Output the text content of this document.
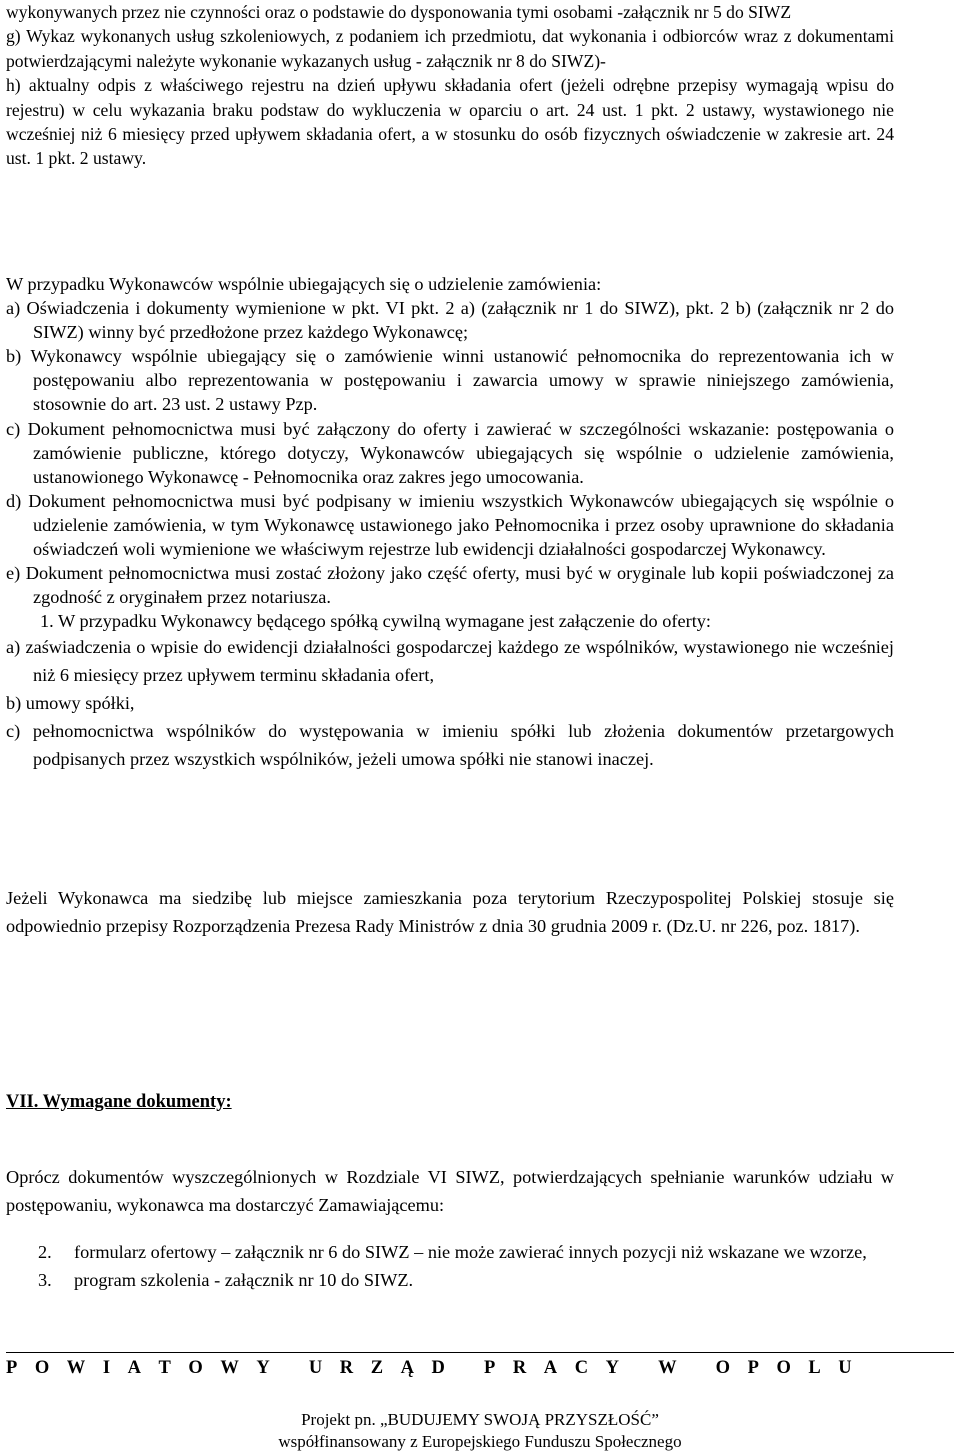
wykonywanych przez nie czynności oraz o podstawie do dysponowania tymi osobami -załącznik nr 5 do SIWZ
g) Wykaz wykonanych usług szkoleniowych, z podaniem ich przedmiotu, dat wykonania i odbiorców wraz z dokumentami potwierdzającymi należyte wykonanie wykazanych usług - załącznik nr 8 do SIWZ)-
h) aktualny odpis z właściwego rejestru na dzień upływu składania ofert (jeżeli odrębne przepisy wymagają wpisu do rejestru) w celu wykazania braku podstaw do wykluczenia w oparciu o art. 24 ust. 1 pkt. 2 ustawy, wystawionego nie wcześniej niż 6 miesięcy przed upływem składania ofert, a w stosunku do osób fizycznych oświadczenie w zakresie art. 24 ust. 1 pkt. 2 ustawy.
W przypadku Wykonawców wspólnie ubiegających się o udzielenie zamówienia:
a) Oświadczenia i dokumenty wymienione w pkt. VI pkt. 2 a) (załącznik nr 1 do SIWZ), pkt. 2 b) (załącznik nr 2 do SIWZ) winny być przedłożone przez każdego Wykonawcę;
b) Wykonawcy wspólnie ubiegający się o zamówienie winni ustanowić pełnomocnika do reprezentowania ich w postępowaniu albo reprezentowania w postępowaniu i zawarcia umowy w sprawie niniejszego zamówienia, stosownie do art. 23 ust. 2 ustawy Pzp.
c) Dokument pełnomocnictwa musi być załączony do oferty i zawierać w szczególności wskazanie: postępowania o zamówienie publiczne, którego dotyczy, Wykonawców ubiegających się wspólnie o udzielenie zamówienia, ustanowionego Wykonawcę - Pełnomocnika oraz zakres jego umocowania.
d) Dokument pełnomocnictwa musi być podpisany w imieniu wszystkich Wykonawców ubiegających się wspólnie o udzielenie zamówienia, w tym Wykonawcę ustawionego jako Pełnomocnika i przez osoby uprawnione do składania oświadczeń woli wymienione we właściwym rejestrze lub ewidencji działalności gospodarczej Wykonawcy.
e) Dokument pełnomocnictwa musi zostać złożony jako część oferty, musi być w oryginale lub kopii poświadczonej za zgodność z oryginałem przez notariusza.
1. W przypadku Wykonawcy będącego spółką cywilną wymagane jest załączenie do oferty:
a) zaświadczenia o wpisie do ewidencji działalności gospodarczej każdego ze wspólników, wystawionego nie wcześniej niż 6 miesięcy przez upływem terminu składania ofert,
b) umowy spółki,
c) pełnomocnictwa wspólników do występowania w imieniu spółki lub złożenia dokumentów przetargowych podpisanych przez wszystkich wspólników, jeżeli umowa spółki nie stanowi inaczej.
Jeżeli Wykonawca ma siedzibę lub miejsce zamieszkania poza terytorium Rzeczypospolitej Polskiej stosuje się odpowiednio przepisy Rozporządzenia Prezesa Rady Ministrów z dnia 30 grudnia 2009 r. (Dz.U. nr 226, poz. 1817).
VII. Wymagane dokumenty:
Oprócz dokumentów wyszczególnionych w Rozdziale VI SIWZ, potwierdzających spełnianie warunków udziału w postępowaniu, wykonawca ma dostarczyć Zamawiającemu:
2. formularz ofertowy – załącznik nr 6 do SIWZ – nie może zawierać innych pozycji niż wskazane we wzorze,
3. program szkolenia - załącznik nr 10 do SIWZ.
P O W I A T O W Y U R Z Ą D P R A C Y W O P O L U
Projekt pn. „BUDUJEMY SWOJĄ PRZYSZŁOŚĆ”
współfinansowany z Europejskiego Funduszu Społecznego
